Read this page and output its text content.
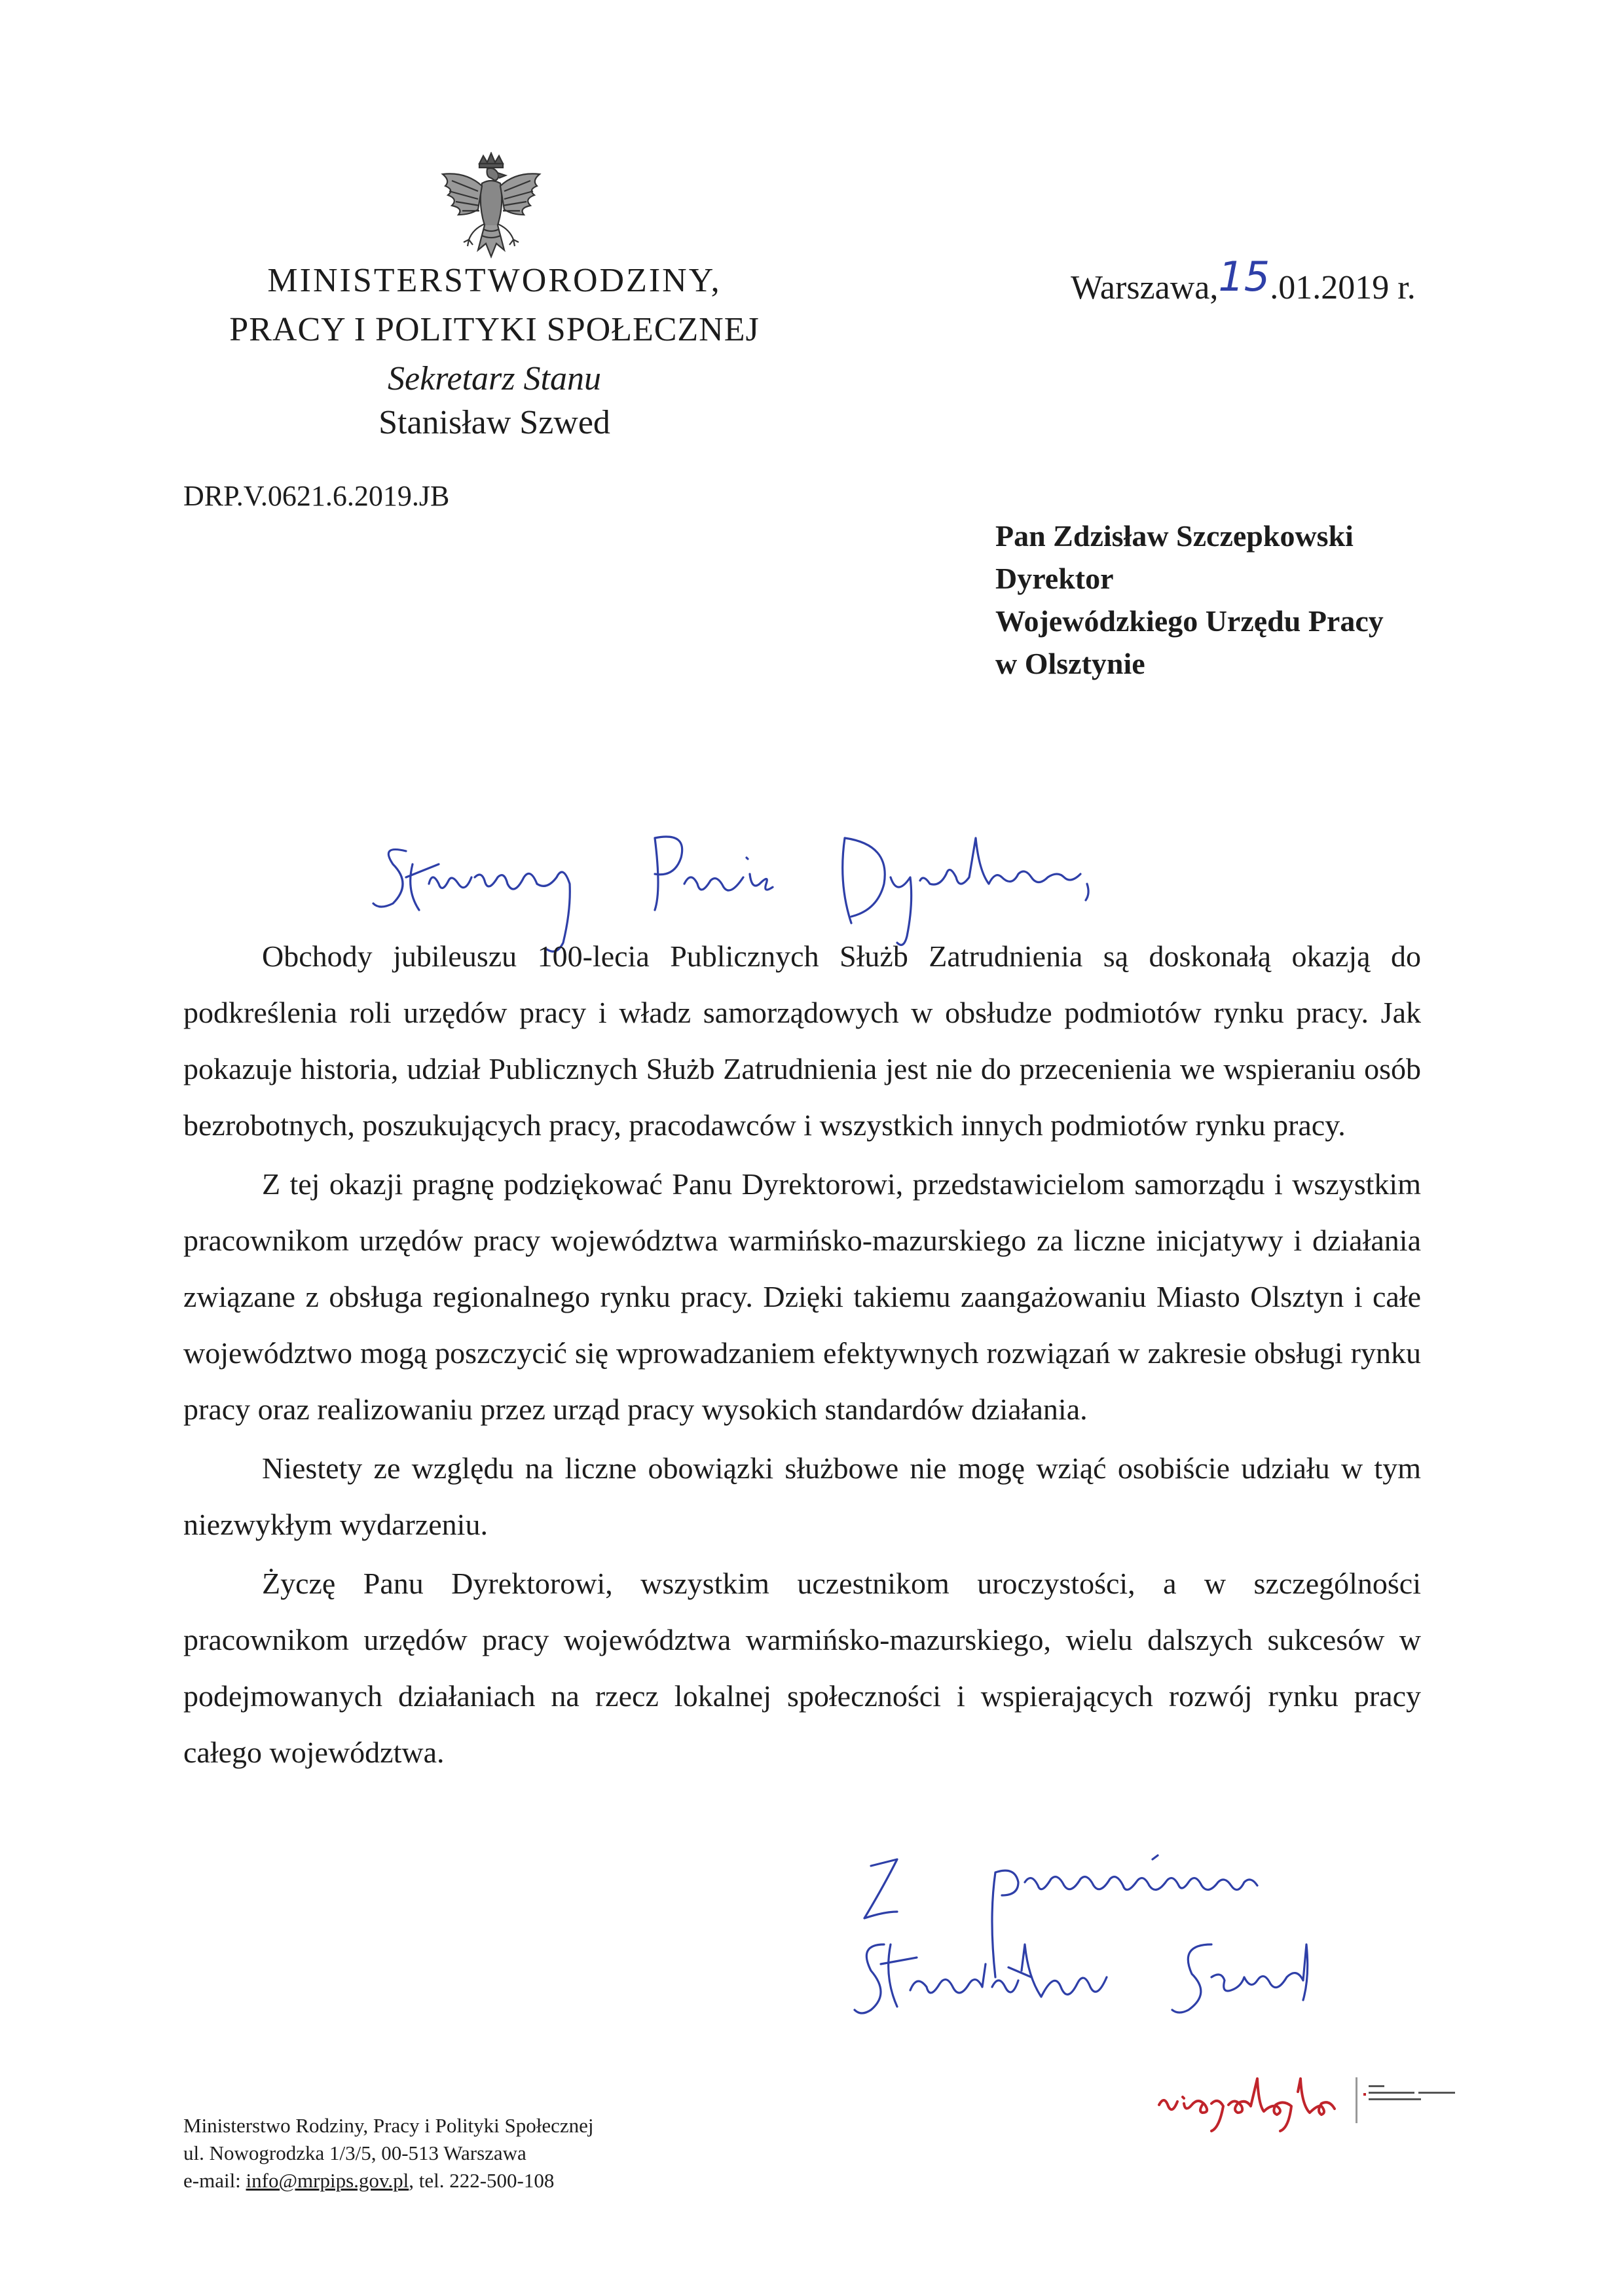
MINISTERSTWORODZINY,
PRACY I POLITYKI SPOŁECZNEJ
Sekretarz Stanu
Stanisław Szwed
Warszawa,15.01.2019 r.
DRP.V.0621.6.2019.JB
Pan Zdzisław Szczepkowski
Dyrektor
Wojewódzkiego Urzędu Pracy
w Olsztynie

Obchody jubileuszu 100-lecia Publicznych Służb Zatrudnienia są doskonałą okazją do podkreślenia roli urzędów pracy i władz samorządowych w obsłudze podmiotów rynku pracy. Jak pokazuje historia, udział Publicznych Służb Zatrudnienia jest nie do przecenienia we wspieraniu osób bezrobotnych, poszukujących pracy, pracodawców i wszystkich innych podmiotów rynku pracy.

Z tej okazji pragnę podziękować Panu Dyrektorowi, przedstawicielom samorządu i wszystkim pracownikom urzędów pracy województwa warmińsko-mazurskiego za liczne inicjatywy i działania związane z obsługa regionalnego rynku pracy. Dzięki takiemu zaangażowaniu Miasto Olsztyn i całe województwo mogą poszczycić się wprowadzaniem efektywnych rozwiązań w zakresie obsługi rynku pracy oraz realizowaniu przez urząd pracy wysokich standardów działania.

Niestety ze względu na liczne obowiązki służbowe nie mogę wziąć osobiście udziału w tym niezwykłym wydarzeniu.

Życzę Panu Dyrektorowi, wszystkim uczestnikom uroczystości, a w szczególności pracownikom urzędów pracy województwa warmińsko-mazurskiego, wielu dalszych sukcesów w podejmowanych działaniach na rzecz lokalnej społeczności i wspierających rozwój rynku pracy całego województwa.

Ministerstwo Rodziny, Pracy i Polityki Społecznej
ul. Nowogrodzka 1/3/5, 00-513 Warszawa
e-mail: info@mrpips.gov.pl, tel. 222-500-108
